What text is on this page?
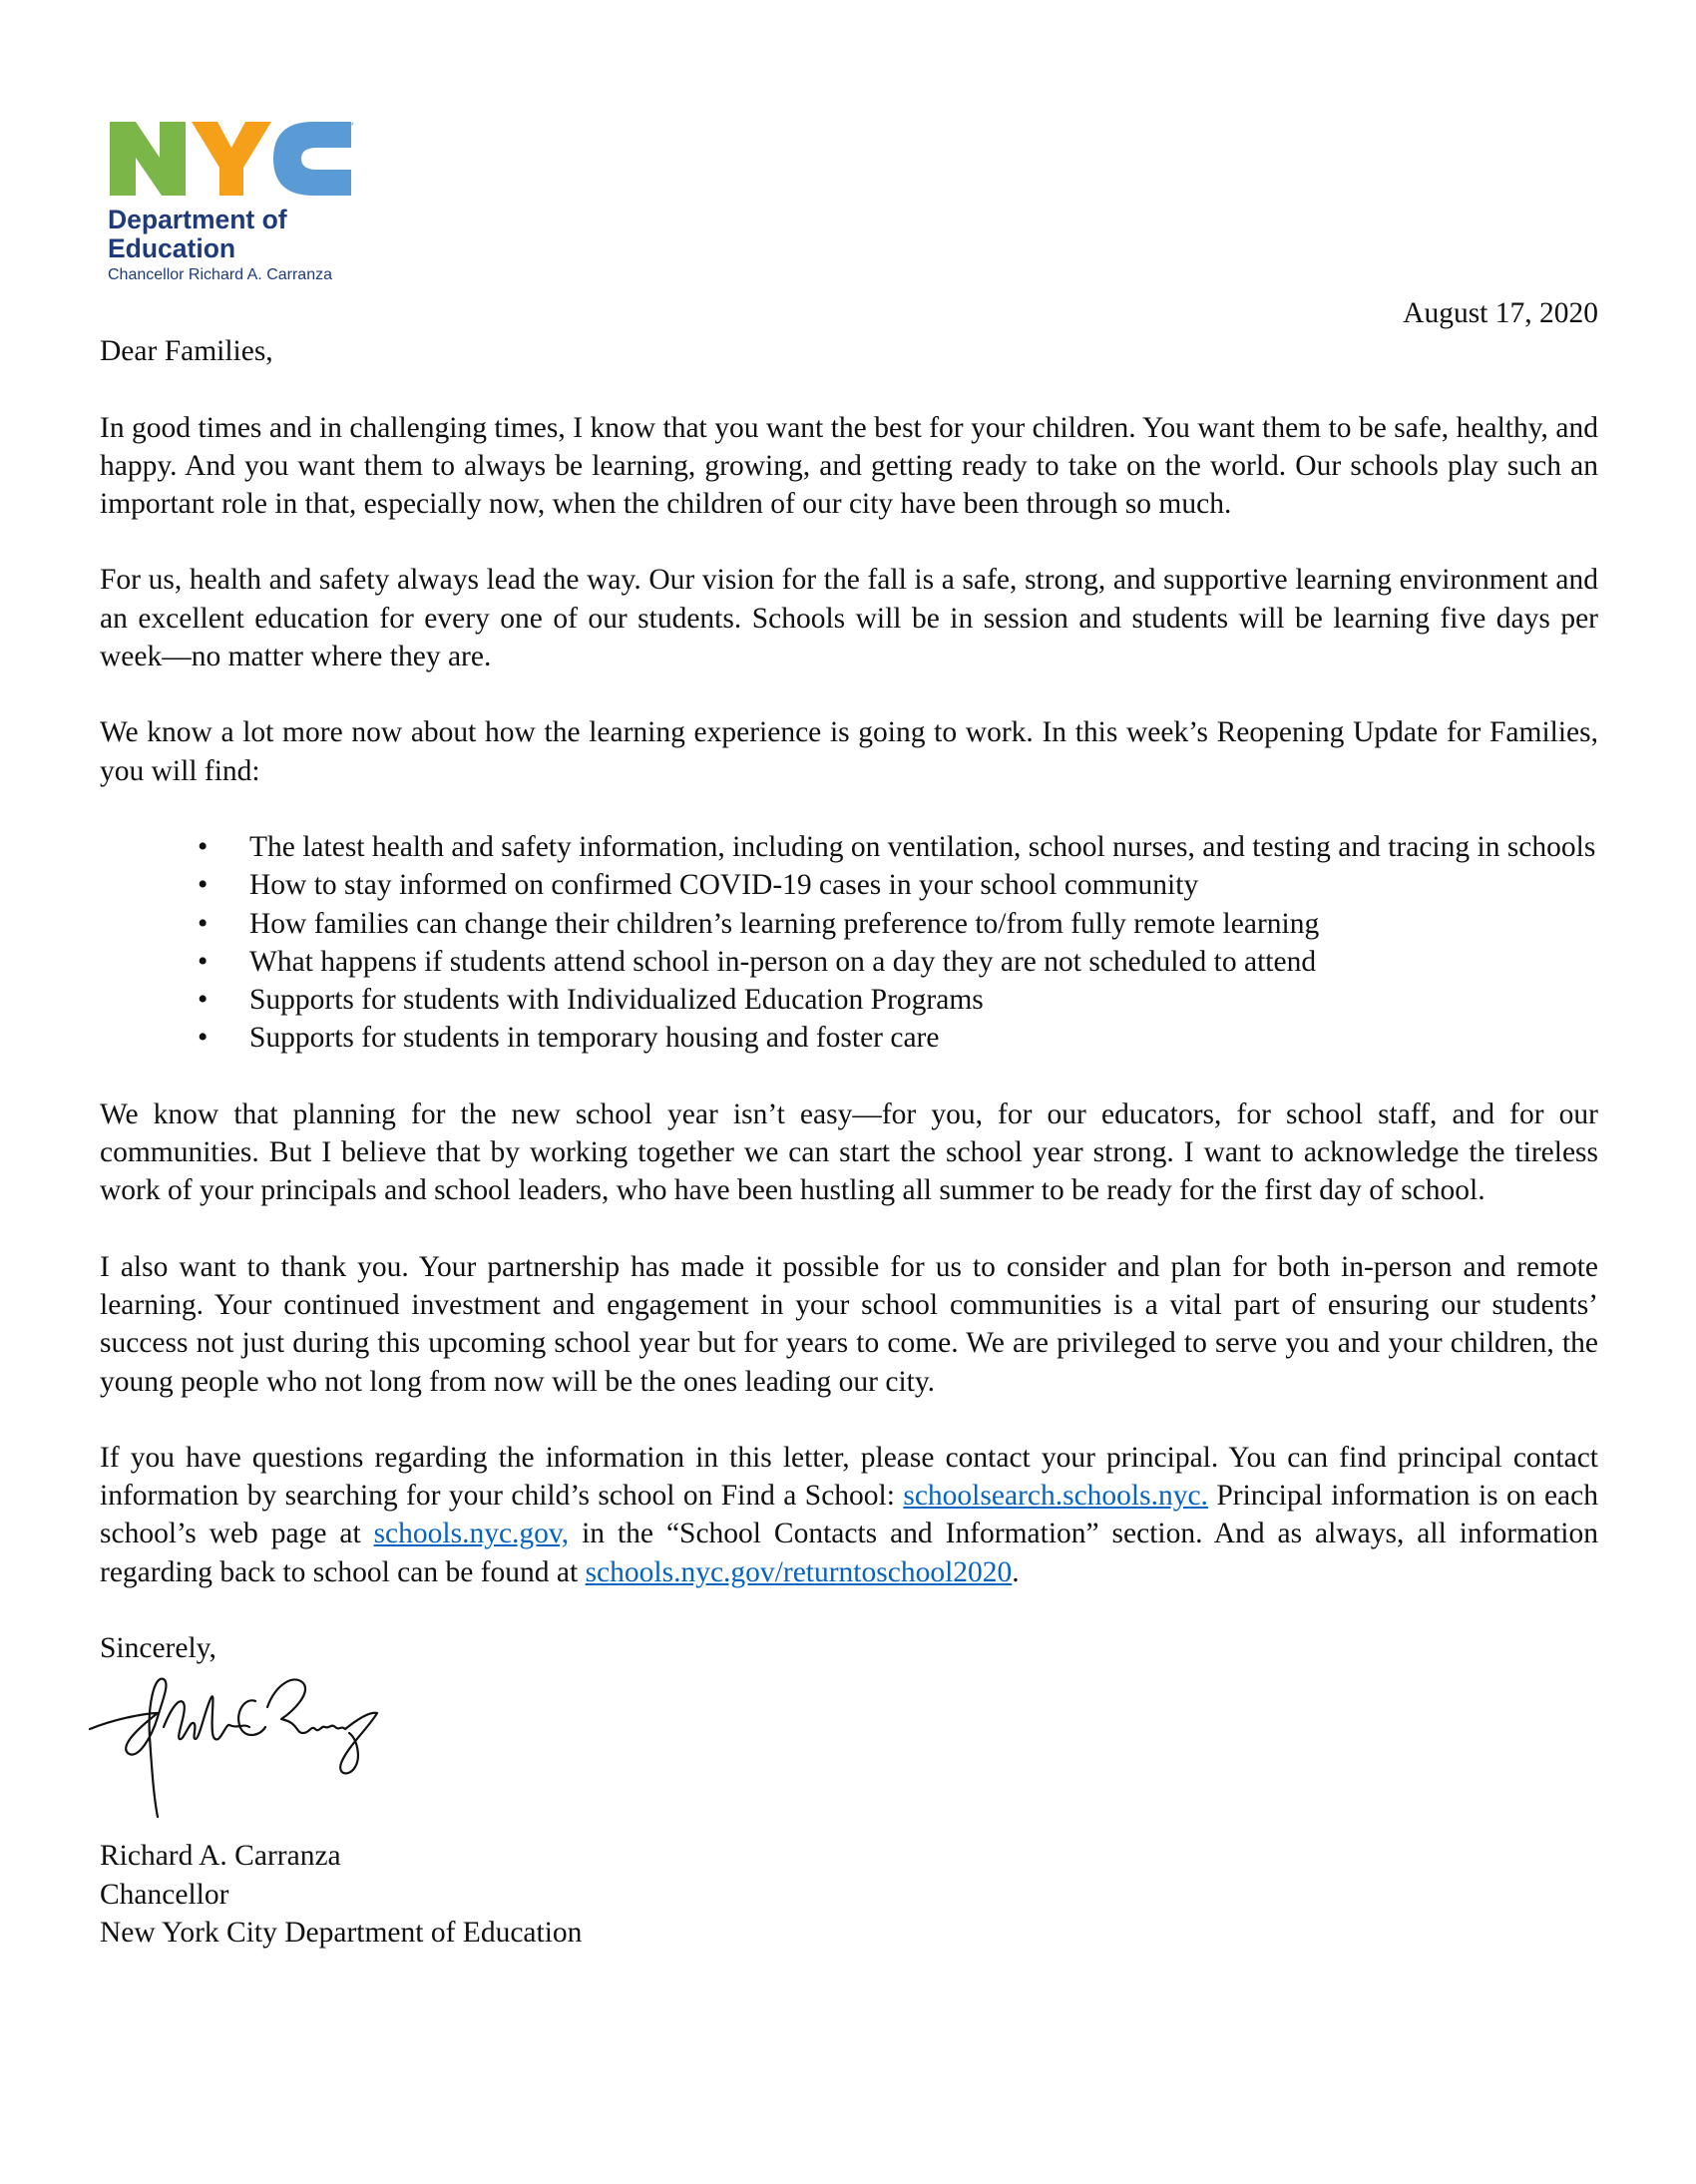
™
Department of
Education
Chancellor Richard A. Carranza

August 17, 2020

Dear Families,

In good times and in challenging times, I know that you want the best for your children. You want them to be safe, healthy, and happy. And you want them to always be learning, growing, and getting ready to take on the world. Our schools play such an important role in that, especially now, when the children of our city have been through so much.

For us, health and safety always lead the way. Our vision for the fall is a safe, strong, and supportive learning environment and an excellent education for every one of our students. Schools will be in session and students will be learning five days per week—no matter where they are.

We know a lot more now about how the learning experience is going to work. In this week’s Reopening Update for Families, you will find:

•	The latest health and safety information, including on ventilation, school nurses, and testing and tracing in schools
•	How to stay informed on confirmed COVID-19 cases in your school community
•	How families can change their children’s learning preference to/from fully remote learning
•	What happens if students attend school in-person on a day they are not scheduled to attend
•	Supports for students with Individualized Education Programs
•	Supports for students in temporary housing and foster care

We know that planning for the new school year isn’t easy—for you, for our educators, for school staff, and for our communities. But I believe that by working together we can start the school year strong. I want to acknowledge the tireless work of your principals and school leaders, who have been hustling all summer to be ready for the first day of school.

I also want to thank you. Your partnership has made it possible for us to consider and plan for both in-person and remote learning. Your continued investment and engagement in your school communities is a vital part of ensuring our students’ success not just during this upcoming school year but for years to come. We are privileged to serve you and your children, the young people who not long from now will be the ones leading our city.

If you have questions regarding the information in this letter, please contact your principal. You can find principal contact information by searching for your child’s school on Find a School: schoolsearch.schools.nyc. Principal information is on each school’s web page at schools.nyc.gov, in the “School Contacts and Information” section. And as always, all information regarding back to school can be found at schools.nyc.gov/returntoschool2020.

Sincerely,

Richard A. Carranza

Chancellor

New York City Department of Education
